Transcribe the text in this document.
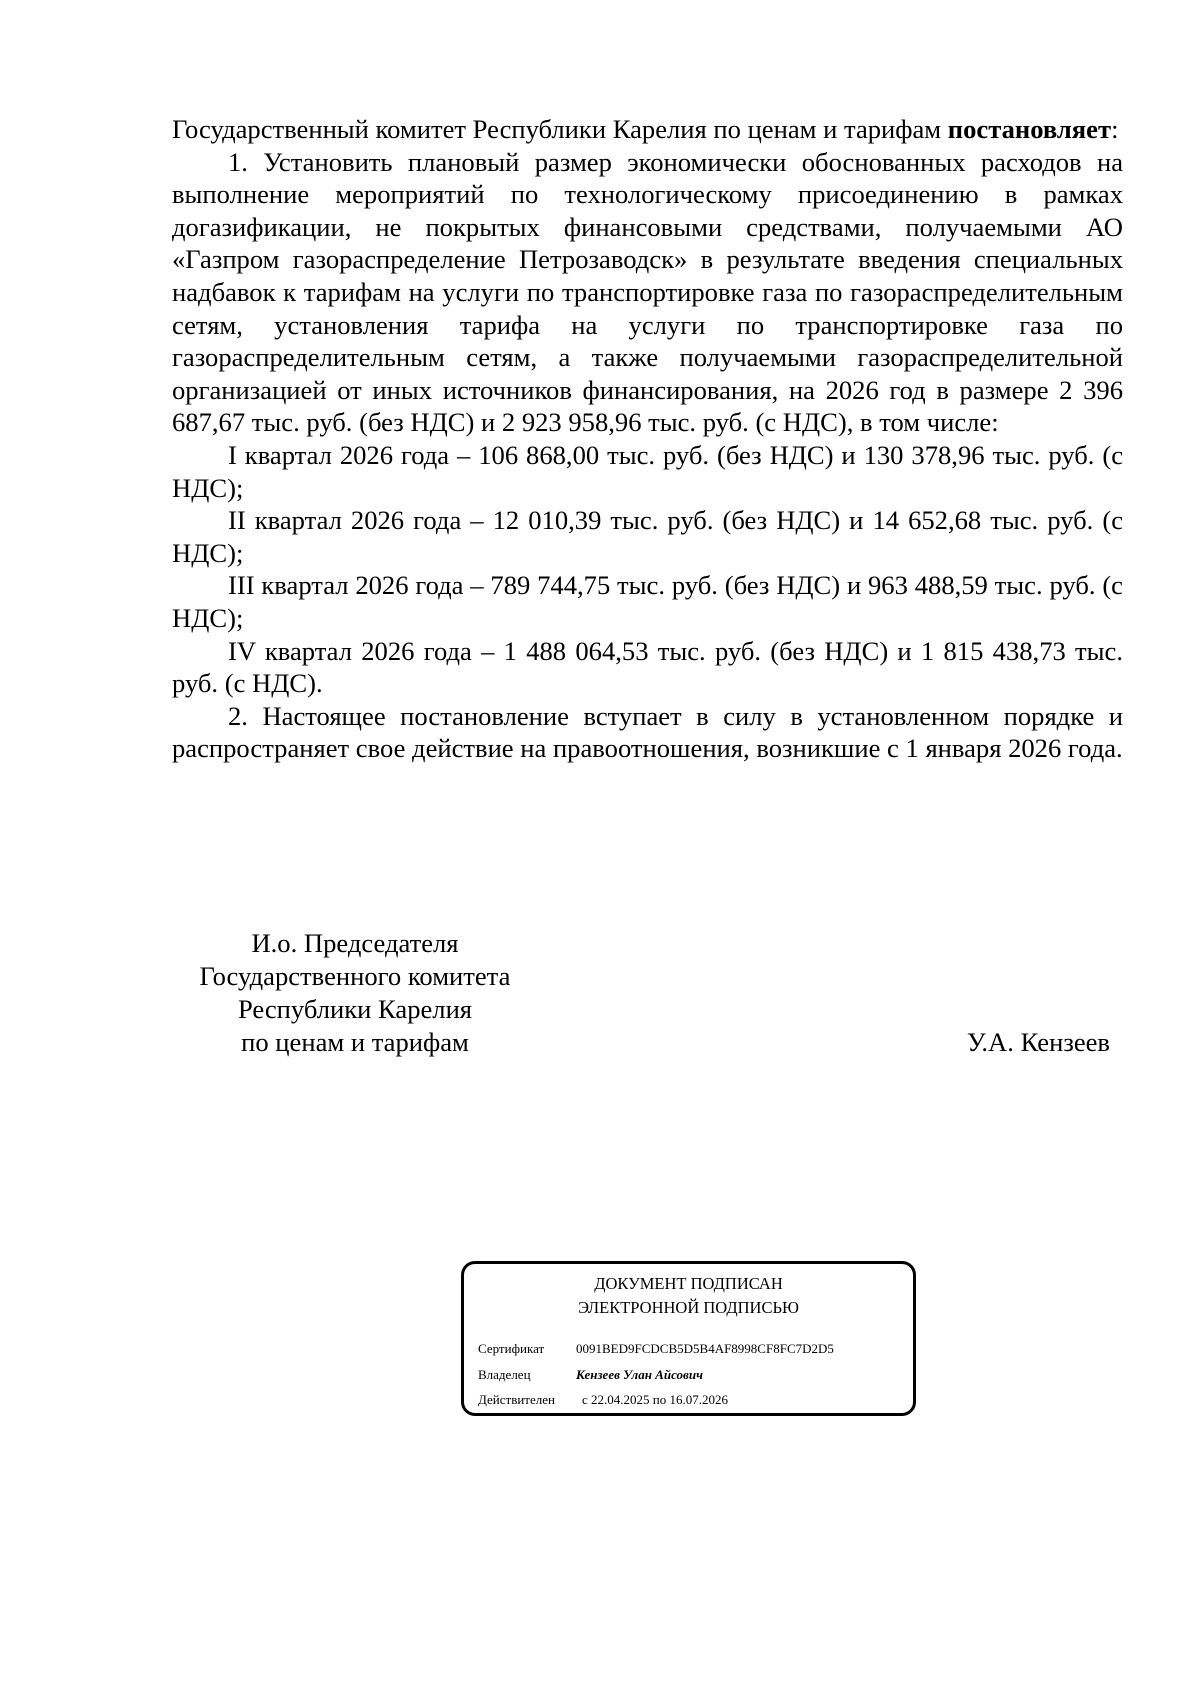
Государственный комитет Республики Карелия по ценам и тарифам постановляет:

1. Установить плановый размер экономически обоснованных расходов на выполнение мероприятий по технологическому присоединению в рамках догазификации, не покрытых финансовыми средствами, получаемыми АО «Газпром газораспределение Петрозаводск» в результате введения специальных надбавок к тарифам на услуги по транспортировке газа по газораспределительным сетям, установления тарифа на услуги по транспортировке газа по газораспределительным сетям, а также получаемыми газораспределительной организацией от иных источников финансирования, на 2026 год в размере 2 396 687,67 тыс. руб. (без НДС) и 2 923 958,96 тыс. руб. (с НДС), в том числе:

I квартал 2026 года – 106 868,00 тыс. руб. (без НДС) и 130 378,96 тыс. руб. (с НДС);

II квартал 2026 года – 12 010,39 тыс. руб. (без НДС) и 14 652,68 тыс. руб. (с НДС);

III квартал 2026 года – 789 744,75 тыс. руб. (без НДС) и 963 488,59 тыс. руб. (с НДС);

IV квартал 2026 года – 1 488 064,53 тыс. руб. (без НДС) и 1 815 438,73 тыс. руб. (с НДС).

2. Настоящее постановление вступает в силу в установленном порядке и распространяет свое действие на правоотношения, возникшие с 1 января 2026 года.

И.о. Председателя
Государственного комитета
Республики Карелия
по ценам и тарифам	У.А. Кензеев
ДОКУМЕНТ ПОДПИСАН
ЭЛЕКТРОННОЙ ПОДПИСЬЮ
Сертификат 0091BED9FCDCB5D5B4AF8998CF8FC7D2D5
Владелец	Кензеев Улан Айсович
Действителен с 22.04.2025 по 16.07.2026
